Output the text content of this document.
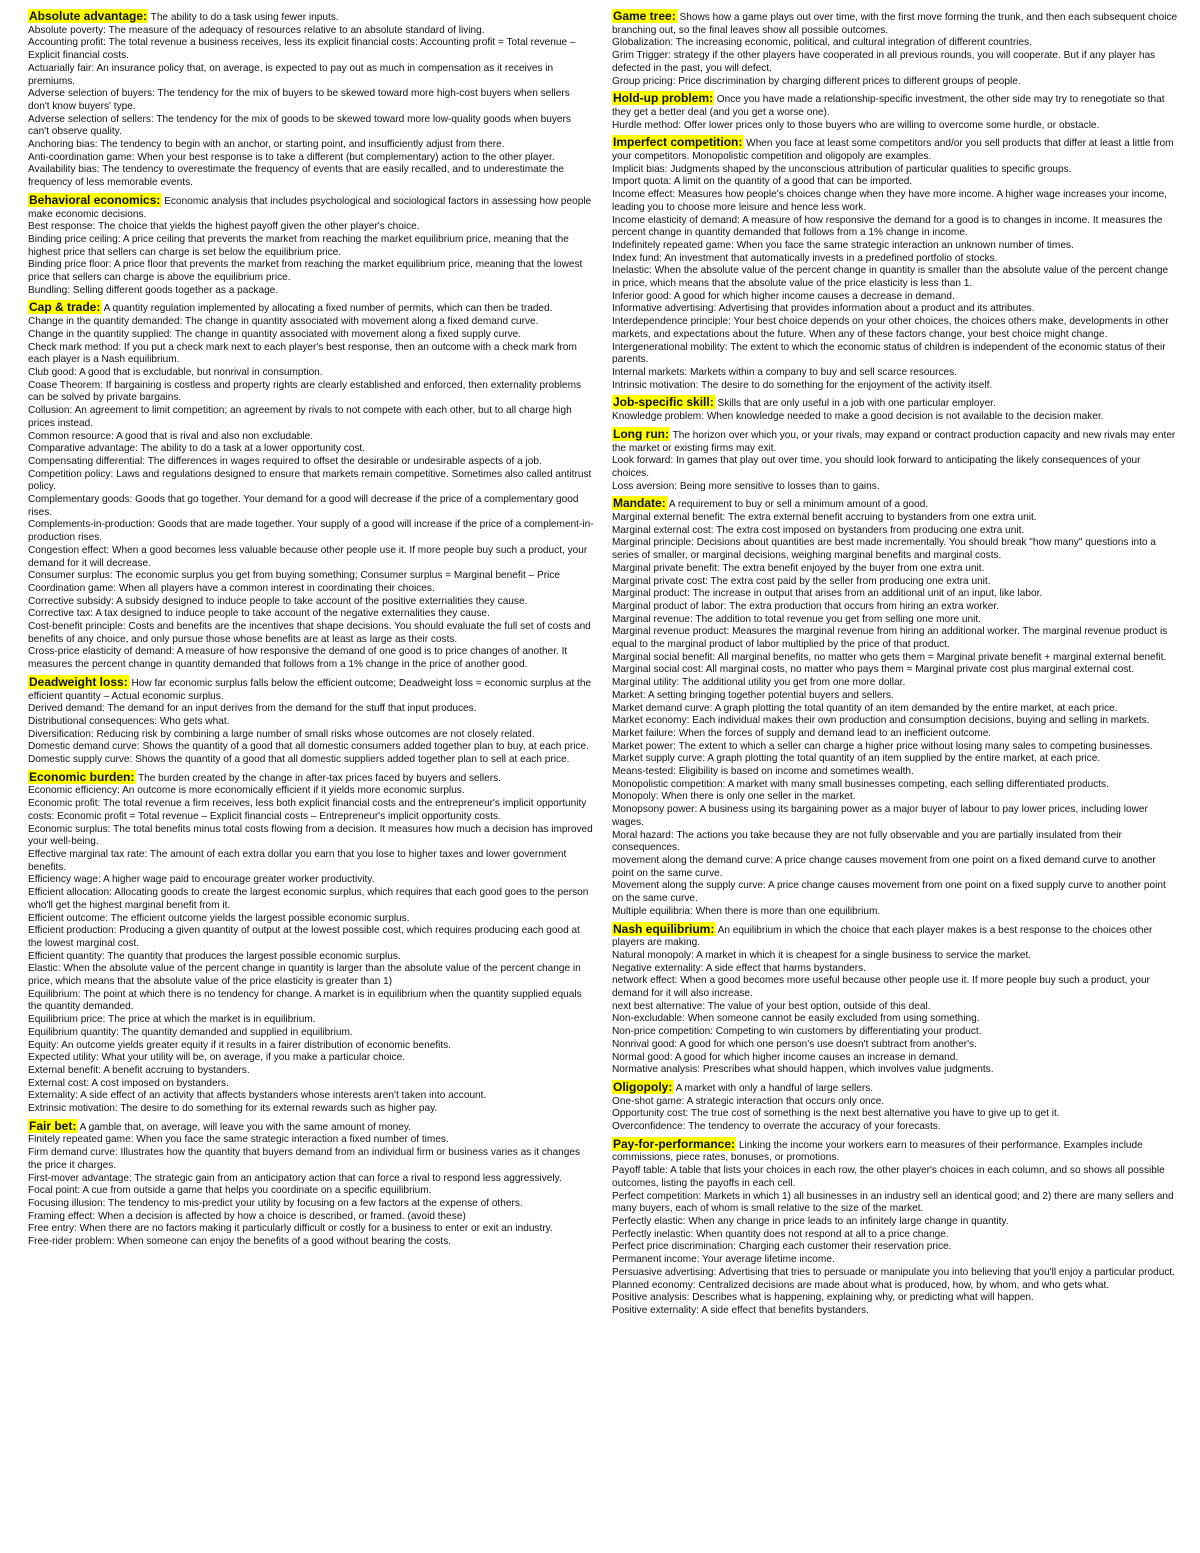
Absolute advantage: The ability to do a task using fewer inputs.

Absolute poverty: The measure of the adequacy of resources relative to an absolute standard of living.

Accounting profit: The total revenue a business receives, less its explicit financial costs: Accounting profit = Total revenue – Explicit financial costs.

Actuarially fair: An insurance policy that, on average, is expected to pay out as much in compensation as it receives in premiums.

Adverse selection of buyers: The tendency for the mix of buyers to be skewed toward more high-cost buyers when sellers don't know buyers' type.

Adverse selection of sellers: The tendency for the mix of goods to be skewed toward more low-quality goods when buyers can't observe quality.

Anchoring bias: The tendency to begin with an anchor, or starting point, and insufficiently adjust from there.

Anti-coordination game: When your best response is to take a different (but complementary) action to the other player.

Availability bias: The tendency to overestimate the frequency of events that are easily recalled, and to underestimate the frequency of less memorable events.

Behavioral economics: Economic analysis that includes psychological and sociological factors in assessing how people make economic decisions.

Best response: The choice that yields the highest payoff given the other player's choice.

Binding price ceiling: A price ceiling that prevents the market from reaching the market equilibrium price, meaning that the highest price that sellers can charge is set below the equilibrium price.

Binding price floor: A price floor that prevents the market from reaching the market equilibrium price, meaning that the lowest price that sellers can charge is above the equilibrium price.

Bundling: Selling different goods together as a package.

Cap & trade: A quantity regulation implemented by allocating a fixed number of permits, which can then be traded.

Change in the quantity demanded: The change in quantity associated with movement along a fixed demand curve.

Change in the quantity supplied: The change in quantity associated with movement along a fixed supply curve.

Check mark method: If you put a check mark next to each player's best response, then an outcome with a check mark from each player is a Nash equilibrium.

Club good: A good that is excludable, but nonrival in consumption.

Coase Theorem: If bargaining is costless and property rights are clearly established and enforced, then externality problems can be solved by private bargains.

Collusion: An agreement to limit competition; an agreement by rivals to not compete with each other, but to all charge high prices instead.

Common resource: A good that is rival and also non excludable.

Comparative advantage: The ability to do a task at a lower opportunity cost.

Compensating differential: The differences in wages required to offset the desirable or undesirable aspects of a job.

Competition policy: Laws and regulations designed to ensure that markets remain competitive. Sometimes also called antitrust policy.

Complementary goods: Goods that go together. Your demand for a good will decrease if the price of a complementary good rises.

Complements-in-production: Goods that are made together. Your supply of a good will increase if the price of a complement-in-production rises.

Congestion effect: When a good becomes less valuable because other people use it. If more people buy such a product, your demand for it will decrease.

Consumer surplus: The economic surplus you get from buying something; Consumer surplus = Marginal benefit – Price

Coordination game: When all players have a common interest in coordinating their choices.

Corrective subsidy: A subsidy designed to induce people to take account of the positive externalities they cause.

Corrective tax: A tax designed to induce people to take account of the negative externalities they cause.

Cost-benefit principle: Costs and benefits are the incentives that shape decisions. You should evaluate the full set of costs and benefits of any choice, and only pursue those whose benefits are at least as large as their costs.

Cross-price elasticity of demand: A measure of how responsive the demand of one good is to price changes of another. It measures the percent change in quantity demanded that follows from a 1% change in the price of another good.

Deadweight loss: How far economic surplus falls below the efficient outcome; Deadweight loss = economic surplus at the efficient quantity – Actual economic surplus.

Derived demand: The demand for an input derives from the demand for the stuff that input produces.

Distributional consequences: Who gets what.

Diversification: Reducing risk by combining a large number of small risks whose outcomes are not closely related.

Domestic demand curve: Shows the quantity of a good that all domestic consumers added together plan to buy, at each price.

Domestic supply curve: Shows the quantity of a good that all domestic suppliers added together plan to sell at each price.

Economic burden: The burden created by the change in after-tax prices faced by buyers and sellers.

Economic efficiency: An outcome is more economically efficient if it yields more economic surplus.

Economic profit: The total revenue a firm receives, less both explicit financial costs and the entrepreneur's implicit opportunity costs: Economic profit = Total revenue – Explicit financial costs – Entrepreneur's implicit opportunity costs.

Economic surplus: The total benefits minus total costs flowing from a decision. It measures how much a decision has improved your well-being.

Effective marginal tax rate: The amount of each extra dollar you earn that you lose to higher taxes and lower government benefits.

Efficiency wage: A higher wage paid to encourage greater worker productivity.

Efficient allocation: Allocating goods to create the largest economic surplus, which requires that each good goes to the person who'll get the highest marginal benefit from it.

Efficient outcome: The efficient outcome yields the largest possible economic surplus.

Efficient production: Producing a given quantity of output at the lowest possible cost, which requires producing each good at the lowest marginal cost.

Efficient quantity: The quantity that produces the largest possible economic surplus.

Elastic: When the absolute value of the percent change in quantity is larger than the absolute value of the percent change in price, which means that the absolute value of the price elasticity is greater than 1)

Equilibrium: The point at which there is no tendency for change. A market is in equilibrium when the quantity supplied equals the quantity demanded.

Equilibrium price: The price at which the market is in equilibrium.

Equilibrium quantity: The quantity demanded and supplied in equilibrium.

Equity: An outcome yields greater equity if it results in a fairer distribution of economic benefits.

Expected utility: What your utility will be, on average, if you make a particular choice.

External benefit: A benefit accruing to bystanders.

External cost: A cost imposed on bystanders.

Externality: A side effect of an activity that affects bystanders whose interests aren't taken into account.

Extrinsic motivation: The desire to do something for its external rewards such as higher pay.

Fair bet: A gamble that, on average, will leave you with the same amount of money.

Finitely repeated game: When you face the same strategic interaction a fixed number of times.

Firm demand curve: Illustrates how the quantity that buyers demand from an individual firm or business varies as it changes the price it charges.

First-mover advantage: The strategic gain from an anticipatory action that can force a rival to respond less aggressively.

Focal point: A cue from outside a game that helps you coordinate on a specific equilibrium.

Focusing illusion: The tendency to mis-predict your utility by focusing on a few factors at the expense of others.

Framing effect: When a decision is affected by how a choice is described, or framed. (avoid these)

Free entry: When there are no factors making it particularly difficult or costly for a business to enter or exit an industry.

Free-rider problem: When someone can enjoy the benefits of a good without bearing the costs.

Game tree: Shows how a game plays out over time, with the first move forming the trunk, and then each subsequent choice branching out, so the final leaves show all possible outcomes.

Globalization: The increasing economic, political, and cultural integration of different countries.

Grim Trigger: strategy if the other players have cooperated in all previous rounds, you will cooperate. But if any player has defected in the past, you will defect.

Group pricing: Price discrimination by charging different prices to different groups of people.

Hold-up problem: Once you have made a relationship-specific investment, the other side may try to renegotiate so that they get a better deal (and you get a worse one).

Hurdle method: Offer lower prices only to those buyers who are willing to overcome some hurdle, or obstacle.

Imperfect competition: When you face at least some competitors and/or you sell products that differ at least a little from your competitors. Monopolistic competition and oligopoly are examples.

Implicit bias: Judgments shaped by the unconscious attribution of particular qualities to specific groups.

Import quota: A limit on the quantity of a good that can be imported.

Income effect: Measures how people's choices change when they have more income. A higher wage increases your income, leading you to choose more leisure and hence less work.

Income elasticity of demand: A measure of how responsive the demand for a good is to changes in income. It measures the percent change in quantity demanded that follows from a 1% change in income.

Indefinitely repeated game: When you face the same strategic interaction an unknown number of times.

Index fund: An investment that automatically invests in a predefined portfolio of stocks.

Inelastic: When the absolute value of the percent change in quantity is smaller than the absolute value of the percent change in price, which means that the absolute value of the price elasticity is less than 1.

Inferior good: A good for which higher income causes a decrease in demand.

Informative advertising: Advertising that provides information about a product and its attributes.

Interdependence principle: Your best choice depends on your other choices, the choices others make, developments in other markets, and expectations about the future. When any of these factors change, your best choice might change.

Intergenerational mobility: The extent to which the economic status of children is independent of the economic status of their parents.

Internal markets: Markets within a company to buy and sell scarce resources.

Intrinsic motivation: The desire to do something for the enjoyment of the activity itself.

Job-specific skill: Skills that are only useful in a job with one particular employer.

Knowledge problem: When knowledge needed to make a good decision is not available to the decision maker.

Long run: The horizon over which you, or your rivals, may expand or contract production capacity and new rivals may enter the market or existing firms may exit.

Look forward: In games that play out over time, you should look forward to anticipating the likely consequences of your choices.

Loss aversion: Being more sensitive to losses than to gains.

Mandate: A requirement to buy or sell a minimum amount of a good.

Marginal external benefit: The extra external benefit accruing to bystanders from one extra unit.

Marginal external cost: The extra cost imposed on bystanders from producing one extra unit.

Marginal principle: Decisions about quantities are best made incrementally. You should break "how many" questions into a series of smaller, or marginal decisions, weighing marginal benefits and marginal costs.

Marginal private benefit: The extra benefit enjoyed by the buyer from one extra unit.

Marginal private cost: The extra cost paid by the seller from producing one extra unit.

Marginal product: The increase in output that arises from an additional unit of an input, like labor.

Marginal product of labor: The extra production that occurs from hiring an extra worker.

Marginal revenue: The addition to total revenue you get from selling one more unit.

Marginal revenue product: Measures the marginal revenue from hiring an additional worker. The marginal revenue product is equal to the marginal product of labor multiplied by the price of that product.

Marginal social benefit: All marginal benefits, no matter who gets them = Marginal private benefit + marginal external benefit.

Marginal social cost: All marginal costs, no matter who pays them = Marginal private cost plus marginal external cost.

Marginal utility: The additional utility you get from one more dollar.

Market: A setting bringing together potential buyers and sellers.

Market demand curve: A graph plotting the total quantity of an item demanded by the entire market, at each price.

Market economy: Each individual makes their own production and consumption decisions, buying and selling in markets.

Market failure: When the forces of supply and demand lead to an inefficient outcome.

Market power: The extent to which a seller can charge a higher price without losing many sales to competing businesses.

Market supply curve: A graph plotting the total quantity of an item supplied by the entire market, at each price.

Means-tested: Eligibility is based on income and sometimes wealth.

Monopolistic competition: A market with many small businesses competing, each selling differentiated products.

Monopoly: When there is only one seller in the market.

Monopsony power: A business using its bargaining power as a major buyer of labour to pay lower prices, including lower wages.

Moral hazard: The actions you take because they are not fully observable and you are partially insulated from their consequences.

movement along the demand curve: A price change causes movement from one point on a fixed demand curve to another point on the same curve.

Movement along the supply curve: A price change causes movement from one point on a fixed supply curve to another point on the same curve.

Multiple equilibria: When there is more than one equilibrium.

Nash equilibrium: An equilibrium in which the choice that each player makes is a best response to the choices other players are making.

Natural monopoly: A market in which it is cheapest for a single business to service the market.

Negative externality: A side effect that harms bystanders.

network effect: When a good becomes more useful because other people use it. If more people buy such a product, your demand for it will also increase.

next best alternative: The value of your best option, outside of this deal.

Non-excludable: When someone cannot be easily excluded from using something.

Non-price competition: Competing to win customers by differentiating your product.

Nonrival good: A good for which one person's use doesn't subtract from another's.

Normal good: A good for which higher income causes an increase in demand.

Normative analysis: Prescribes what should happen, which involves value judgments.

Oligopoly: A market with only a handful of large sellers.

One-shot game: A strategic interaction that occurs only once.

Opportunity cost: The true cost of something is the next best alternative you have to give up to get it.

Overconfidence: The tendency to overrate the accuracy of your forecasts.

Pay-for-performance: Linking the income your workers earn to measures of their performance. Examples include commissions, piece rates, bonuses, or promotions.

Payoff table: A table that lists your choices in each row, the other player's choices in each column, and so shows all possible outcomes, listing the payoffs in each cell.

Perfect competition: Markets in which 1) all businesses in an industry sell an identical good; and 2) there are many sellers and many buyers, each of whom is small relative to the size of the market.

Perfectly elastic: When any change in price leads to an infinitely large change in quantity.

Perfectly inelastic: When quantity does not respond at all to a price change.

Perfect price discrimination: Charging each customer their reservation price.

Permanent income: Your average lifetime income.

Persuasive advertising: Advertising that tries to persuade or manipulate you into believing that you'll enjoy a particular product.

Planned economy: Centralized decisions are made about what is produced, how, by whom, and who gets what.

Positive analysis: Describes what is happening, explaining why, or predicting what will happen.

Positive externality: A side effect that benefits bystanders.
